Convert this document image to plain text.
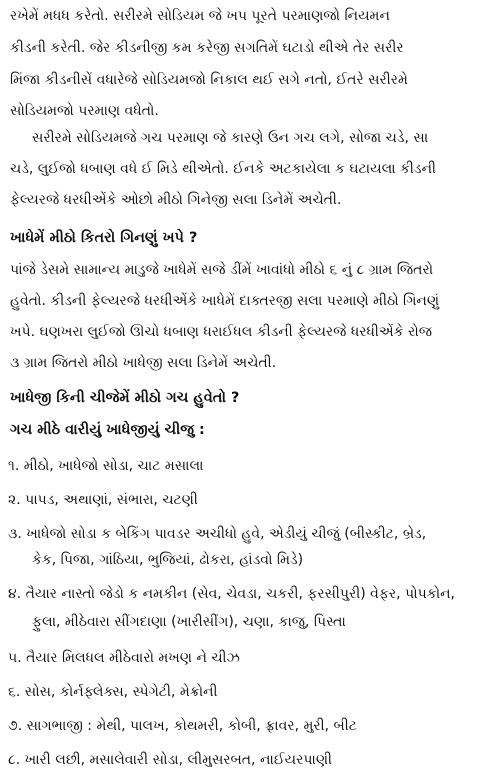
રખેમેં મધધ કરેતો. સરીરમે સોડિયમ જે ખપ પૂરતે પરમાણજો નિયમન
કીડની કરેતી. જેર કીડનીજી કમ કરેજી સગતિમેં ઘટાડો થીએ તેર સરીર
મિંજા કીડનીસેં વધારેજે સોડિયમજો નિકાલ થઈ સગે નતો, ઈતરે સરીરમે
સોડિયમજો પરમાણ વધેતો.
સરીરમે સોડિયમજે ગચ પરમાણ જે કારણે ઉન ગચ લગે, સોજા ચડે, સા
ચડે, લુઈજો ધબાણ વધે ઈ મિડે થીએતો. ઈનકે અટકાયેલા ક ઘટાયલા કીડની
ફેલ્યરજે ધરધીએંકે ઓછો મીઠો ગિનેજી સલા ડિનેમેં અચેતી.
ખાધેમેં મીઠો કિતરો ગિનણું ખપે ?
પાંજે ડેસમે સામાન્ય માડુજે ખાધેમેં સજે ડીંમેં ખાવાંધો મીઠો ૬ નું ૮ ગ્રામ જિતરો
હુવેતો. કીડની ફેલ્યરજે ધરધીએંકે ખાધેમેં દાક્તરજી સલા પરમાણે મીઠો ગિનણું
ખપે. ઘણખરા લુઈજો ઊચો ધબાણ ધરાઈધલ કીડની ફેલ્યરજે ધરધીએંકે રોજ
૩ ગ્રામ જિતરો મીઠો ખાધેજી સલા ડિનેમેં અચેતી.
ખાધેજી કિની ચીજેમેં મીઠો ગચ હુવેતો ?
ગચ મીઠે વારીયું ખાધેજીયું ચીજુ :
૧. મીઠો, ખાધેજો સોડા, ચાટ મસાલા
૨. પાપડ, અથાણાં, સંભારા, ચટણી
૩. ખાધેજો સોડા ક બેકિંગ પાવડર અચીધો હુવે, એડીયું ચીજું (બીસ્કીટ, બ્રેડ,
કેક, પિજા, ગાંઠિયા, ભુજિયાં, ઢોકરા, હાંડવો મિડે)
૪. તૈયાર નાસ્તો જેડો ક નમકીન (સેવ, ચેવડા, ચકરી, ફરસીપુરી) વેફર, પોપકોન,
ફુલા, મીઠેવારા સીંગદાણા (ખારીસીંગ), ચણા, કાજુ, પિસ્તા
૫. તૈયાર મિલધલ મીઠેવારો મખણ ને ચીઝ
૬. સોસ, કોર્નફ્લેક્સ, સ્પેગેટી, મેક્રોની
૭. સાગભાજી : મેથી, પાલખ, કોથમરી, કોબી, ફ્રાવર, મુરી, બીટ
૮. ખારી લછી, મસાલેવારી સોડા, લીમુસરબત, નાઈયરપાણી
